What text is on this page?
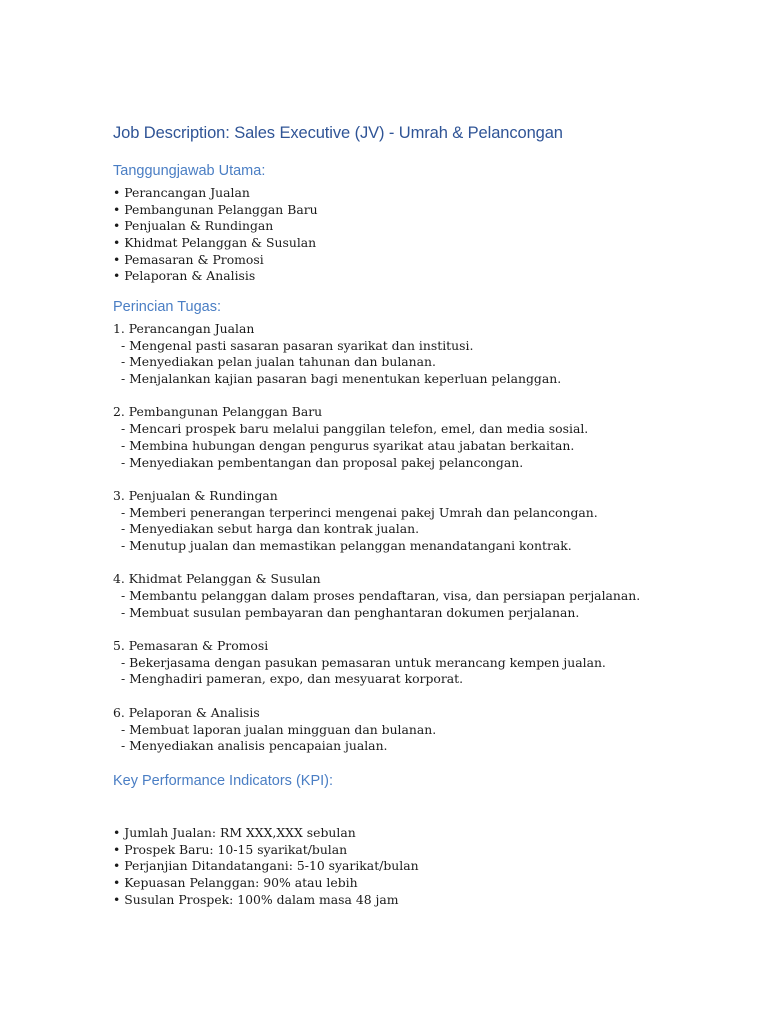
Job Description: Sales Executive (JV) - Umrah & Pelancongan
Tanggungjawab Utama:
• Perancangan Jualan
• Pembangunan Pelanggan Baru
• Penjualan & Rundingan
• Khidmat Pelanggan & Susulan
• Pemasaran & Promosi
• Pelaporan & Analisis
Perincian Tugas:
1. Perancangan Jualan
- Mengenal pasti sasaran pasaran syarikat dan institusi.
- Menyediakan pelan jualan tahunan dan bulanan.
- Menjalankan kajian pasaran bagi menentukan keperluan pelanggan.
2. Pembangunan Pelanggan Baru
- Mencari prospek baru melalui panggilan telefon, emel, dan media sosial.
- Membina hubungan dengan pengurus syarikat atau jabatan berkaitan.
- Menyediakan pembentangan dan proposal pakej pelancongan.
3. Penjualan & Rundingan
- Memberi penerangan terperinci mengenai pakej Umrah dan pelancongan.
- Menyediakan sebut harga dan kontrak jualan.
- Menutup jualan dan memastikan pelanggan menandatangani kontrak.
4. Khidmat Pelanggan & Susulan
- Membantu pelanggan dalam proses pendaftaran, visa, dan persiapan perjalanan.
- Membuat susulan pembayaran dan penghantaran dokumen perjalanan.
5. Pemasaran & Promosi
- Bekerjasama dengan pasukan pemasaran untuk merancang kempen jualan.
- Menghadiri pameran, expo, dan mesyuarat korporat.
6. Pelaporan & Analisis
- Membuat laporan jualan mingguan dan bulanan.
- Menyediakan analisis pencapaian jualan.
Key Performance Indicators (KPI):
• Jumlah Jualan: RM XXX,XXX sebulan
• Prospek Baru: 10-15 syarikat/bulan
• Perjanjian Ditandatangani: 5-10 syarikat/bulan
• Kepuasan Pelanggan: 90% atau lebih
• Susulan Prospek: 100% dalam masa 48 jam
